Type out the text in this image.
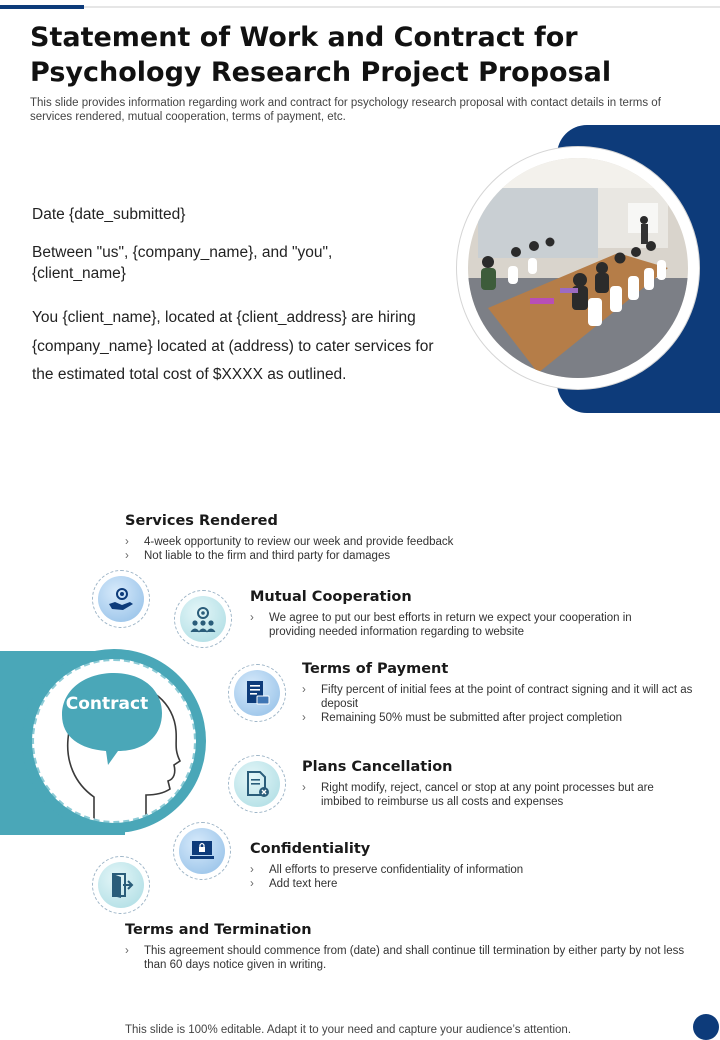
Statement of Work and Contract for Psychology Research Project Proposal

This slide provides information regarding work and contract for psychology research proposal with contact details in terms of services rendered, mutual cooperation, terms of payment, etc.

Date {date_submitted}

Between "us", {company_name}, and "you", {client_name}

You {client_name}, located at {client_address} are hiring {company_name} located at (address) to cater services for the estimated total cost of $XXXX as outlined.

Contract
Services Rendered
› 4-week opportunity to review our week and provide feedback
› Not liable to the firm and third party for damages
Mutual Cooperation
› We agree to put our best efforts in return we expect your cooperation in providing needed information regarding to website
Terms of Payment
› Fifty percent of initial fees at the point of contract signing and it will act as deposit
› Remaining 50% must be submitted after project completion
Plans Cancellation
› Right modify, reject, cancel or stop at any point processes but are imbibed to reimburse us all costs and expenses
Confidentiality
› All efforts to preserve confidentiality of information
› Add text here
Terms and Termination
› This agreement should commence from (date) and shall continue till termination by either party by not less than 60 days notice given in writing.

This slide is 100% editable. Adapt it to your need and capture your audience’s attention.
